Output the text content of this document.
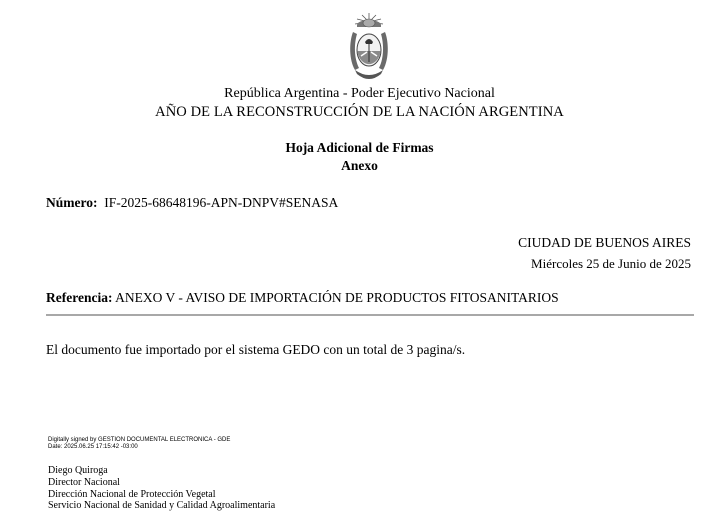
República Argentina - Poder Ejecutivo Nacional
AÑO DE LA RECONSTRUCCIÓN DE LA NACIÓN ARGENTINA
Hoja Adicional de Firmas
Anexo
Número: IF-2025-68648196-APN-DNPV#SENASA
CIUDAD DE BUENOS AIRES
Miércoles 25 de Junio de 2025
Referencia: ANEXO V - AVISO DE IMPORTACIÓN DE PRODUCTOS FITOSANITARIOS
El documento fue importado por el sistema GEDO con un total de 3 pagina/s.
Digitally signed by GESTION DOCUMENTAL ELECTRONICA - GDE
Date: 2025.06.25 17:15:42 -03:00
Diego Quiroga
Director Nacional
Dirección Nacional de Protección Vegetal
Servicio Nacional de Sanidad y Calidad Agroalimentaria
